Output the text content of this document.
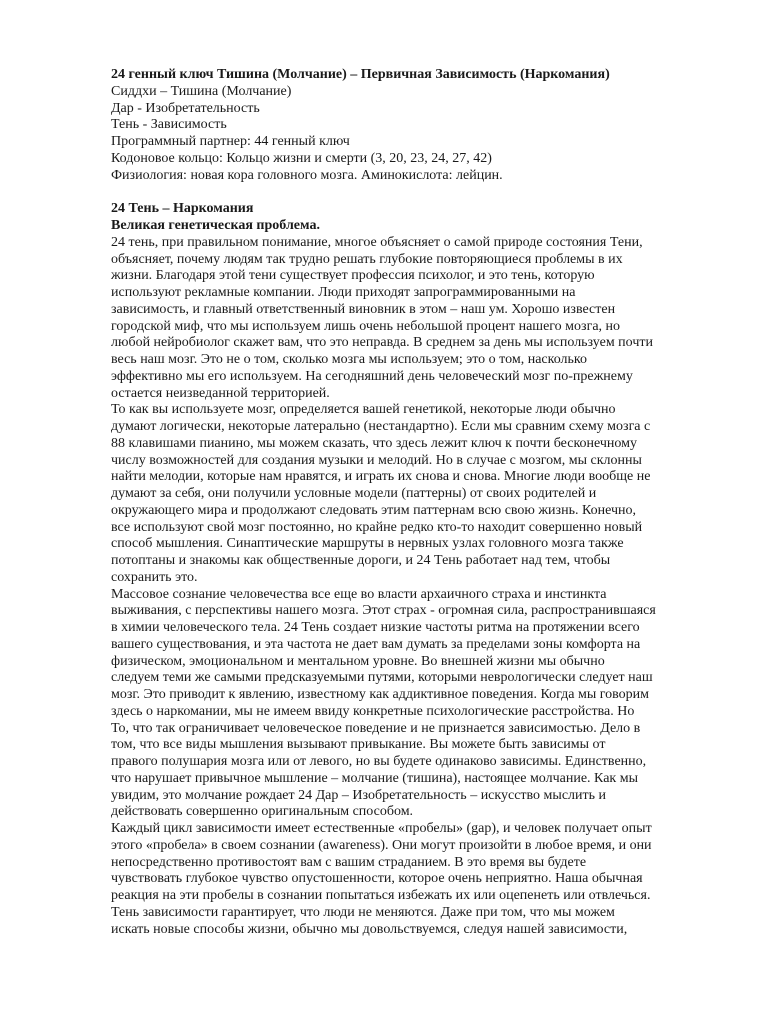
24 генный ключ Тишина (Молчание) – Первичная Зависимость (Наркомания)
Сиддхи – Тишина (Молчание)
Дар - Изобретательность
Тень - Зависимость
Программный партнер: 44 генный ключ
Кодоновое кольцо: Кольцо жизни и смерти (3, 20, 23, 24, 27, 42)
Физиология: новая кора головного мозга. Аминокислота: лейцин.
24 Тень – Наркомания
Великая генетическая проблема.
24 тень, при правильном понимание, многое объясняет о самой природе состояния Тени,
объясняет, почему людям так трудно решать глубокие повторяющиеся проблемы в их
жизни. Благодаря этой тени существует профессия психолог, и это тень, которую
используют рекламные компании. Люди приходят запрограммированными на
зависимость, и главный ответственный виновник в этом – наш ум. Хорошо известен
городской миф, что мы используем лишь очень небольшой процент нашего мозга, но
любой нейробиолог скажет вам, что это неправда. В среднем за день мы используем почти
весь наш мозг. Это не о том, сколько мозга мы используем; это о том, насколько
эффективно мы его используем. На сегодняшний день человеческий мозг по-прежнему
остается неизведанной территорией.
То как вы используете мозг, определяется вашей генетикой, некоторые люди обычно
думают логически, некоторые латерально (нестандартно). Если мы сравним схему мозга с
88 клавишами пианино, мы можем сказать, что здесь лежит ключ к почти бесконечному
числу возможностей для создания музыки и мелодий. Но в случае с мозгом, мы склонны
найти мелодии, которые нам нравятся, и играть их снова и снова. Многие люди вообще не
думают за себя, они получили условные модели (паттерны) от своих родителей и
окружающего мира и продолжают следовать этим паттернам всю свою жизнь. Конечно,
все используют свой мозг постоянно, но крайне редко кто-то находит совершенно новый
способ мышления. Синаптические маршруты в нервных узлах головного мозга также
потоптаны и знакомы как общественные дороги, и 24 Тень работает над тем, чтобы
сохранить это.
Массовое сознание человечества все еще во власти архаичного страха и инстинкта
выживания, с перспективы нашего мозга. Этот страх - огромная сила, распространившаяся
в химии человеческого тела. 24 Тень создает низкие частоты ритма на протяжении всего
вашего существования, и эта частота не дает вам думать за пределами зоны комфорта на
физическом, эмоциональном и ментальном уровне. Во внешней жизни мы обычно
следуем теми же самыми предсказуемыми путями, которыми неврологически следует наш
мозг. Это приводит к явлению, известному как аддиктивное поведения. Когда мы говорим
здесь о наркомании, мы не имеем ввиду конкретные психологические расстройства. Но
То, что так ограничивает человеческое поведение и не признается зависимостью. Дело в
том, что все виды мышления вызывают привыкание. Вы можете быть зависимы от
правого полушария мозга или от левого, но вы будете одинаково зависимы. Единственно,
что нарушает привычное мышление – молчание (тишина), настоящее молчание. Как мы
увидим, это молчание рождает 24 Дар – Изобретательность – искусство мыслить и
действовать совершенно оригинальным способом.
Каждый цикл зависимости имеет естественные «пробелы» (gap), и человек получает опыт
этого «пробела» в своем сознании (awareness). Они могут произойти в любое время, и они
непосредственно противостоят вам с вашим страданием. В это время вы будете
чувствовать глубокое чувство опустошенности, которое очень неприятно. Наша обычная
реакция на эти пробелы в сознании попытаться избежать их или оцепенеть или отвлечься.
Тень зависимости гарантирует, что люди не меняются. Даже при том, что мы можем
искать новые способы жизни, обычно мы довольствуемся, следуя нашей зависимости,
